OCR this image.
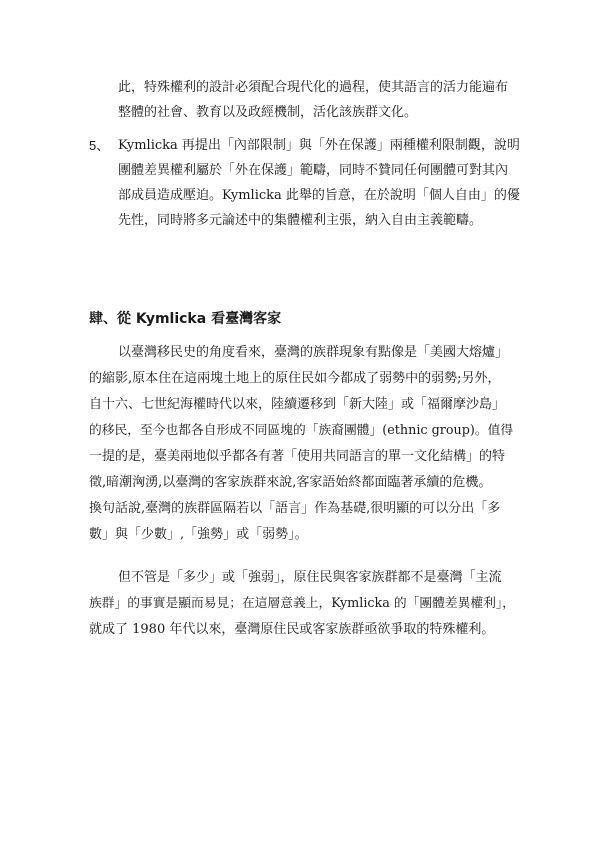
此，特殊權利的設計必須配合現代化的過程，使其語言的活力能遍布
整體的社會、教育以及政經機制，活化該族群文化。
5、 Kymlicka 再提出「內部限制」與「外在保護」兩種權利限制觀，說明
團體差異權利屬於「外在保護」範疇，同時不贊同任何團體可對其內
部成員造成壓迫。Kymlicka 此舉的旨意，在於說明「個人自由」的優
先性，同時將多元論述中的集體權利主張，納入自由主義範疇。
肆、從 Kymlicka 看臺灣客家
以臺灣移民史的角度看來，臺灣的族群現象有點像是「美國大熔爐」
的縮影,原本住在這兩塊土地上的原住民如今都成了弱勢中的弱勢;另外，
自十六、七世紀海權時代以來，陸續遷移到「新大陸」或「福爾摩沙島」
的移民，至今也都各自形成不同區塊的「族裔團體」(ethnic group)。值得
一提的是，臺美兩地似乎都各有著「使用共同語言的單一文化結構」的特
徵,暗潮洶湧,以臺灣的客家族群來說,客家語始終都面臨著承續的危機。
換句話說,臺灣的族群區隔若以「語言」作為基礎,很明顯的可以分出「多
數」與「少數」,「強勢」或「弱勢」。
但不管是「多少」或「強弱」，原住民與客家族群都不是臺灣「主流
族群」的事實是顯而易見；在這層意義上，Kymlicka 的「團體差異權利」，
就成了 1980 年代以來，臺灣原住民或客家族群亟欲爭取的特殊權利。
